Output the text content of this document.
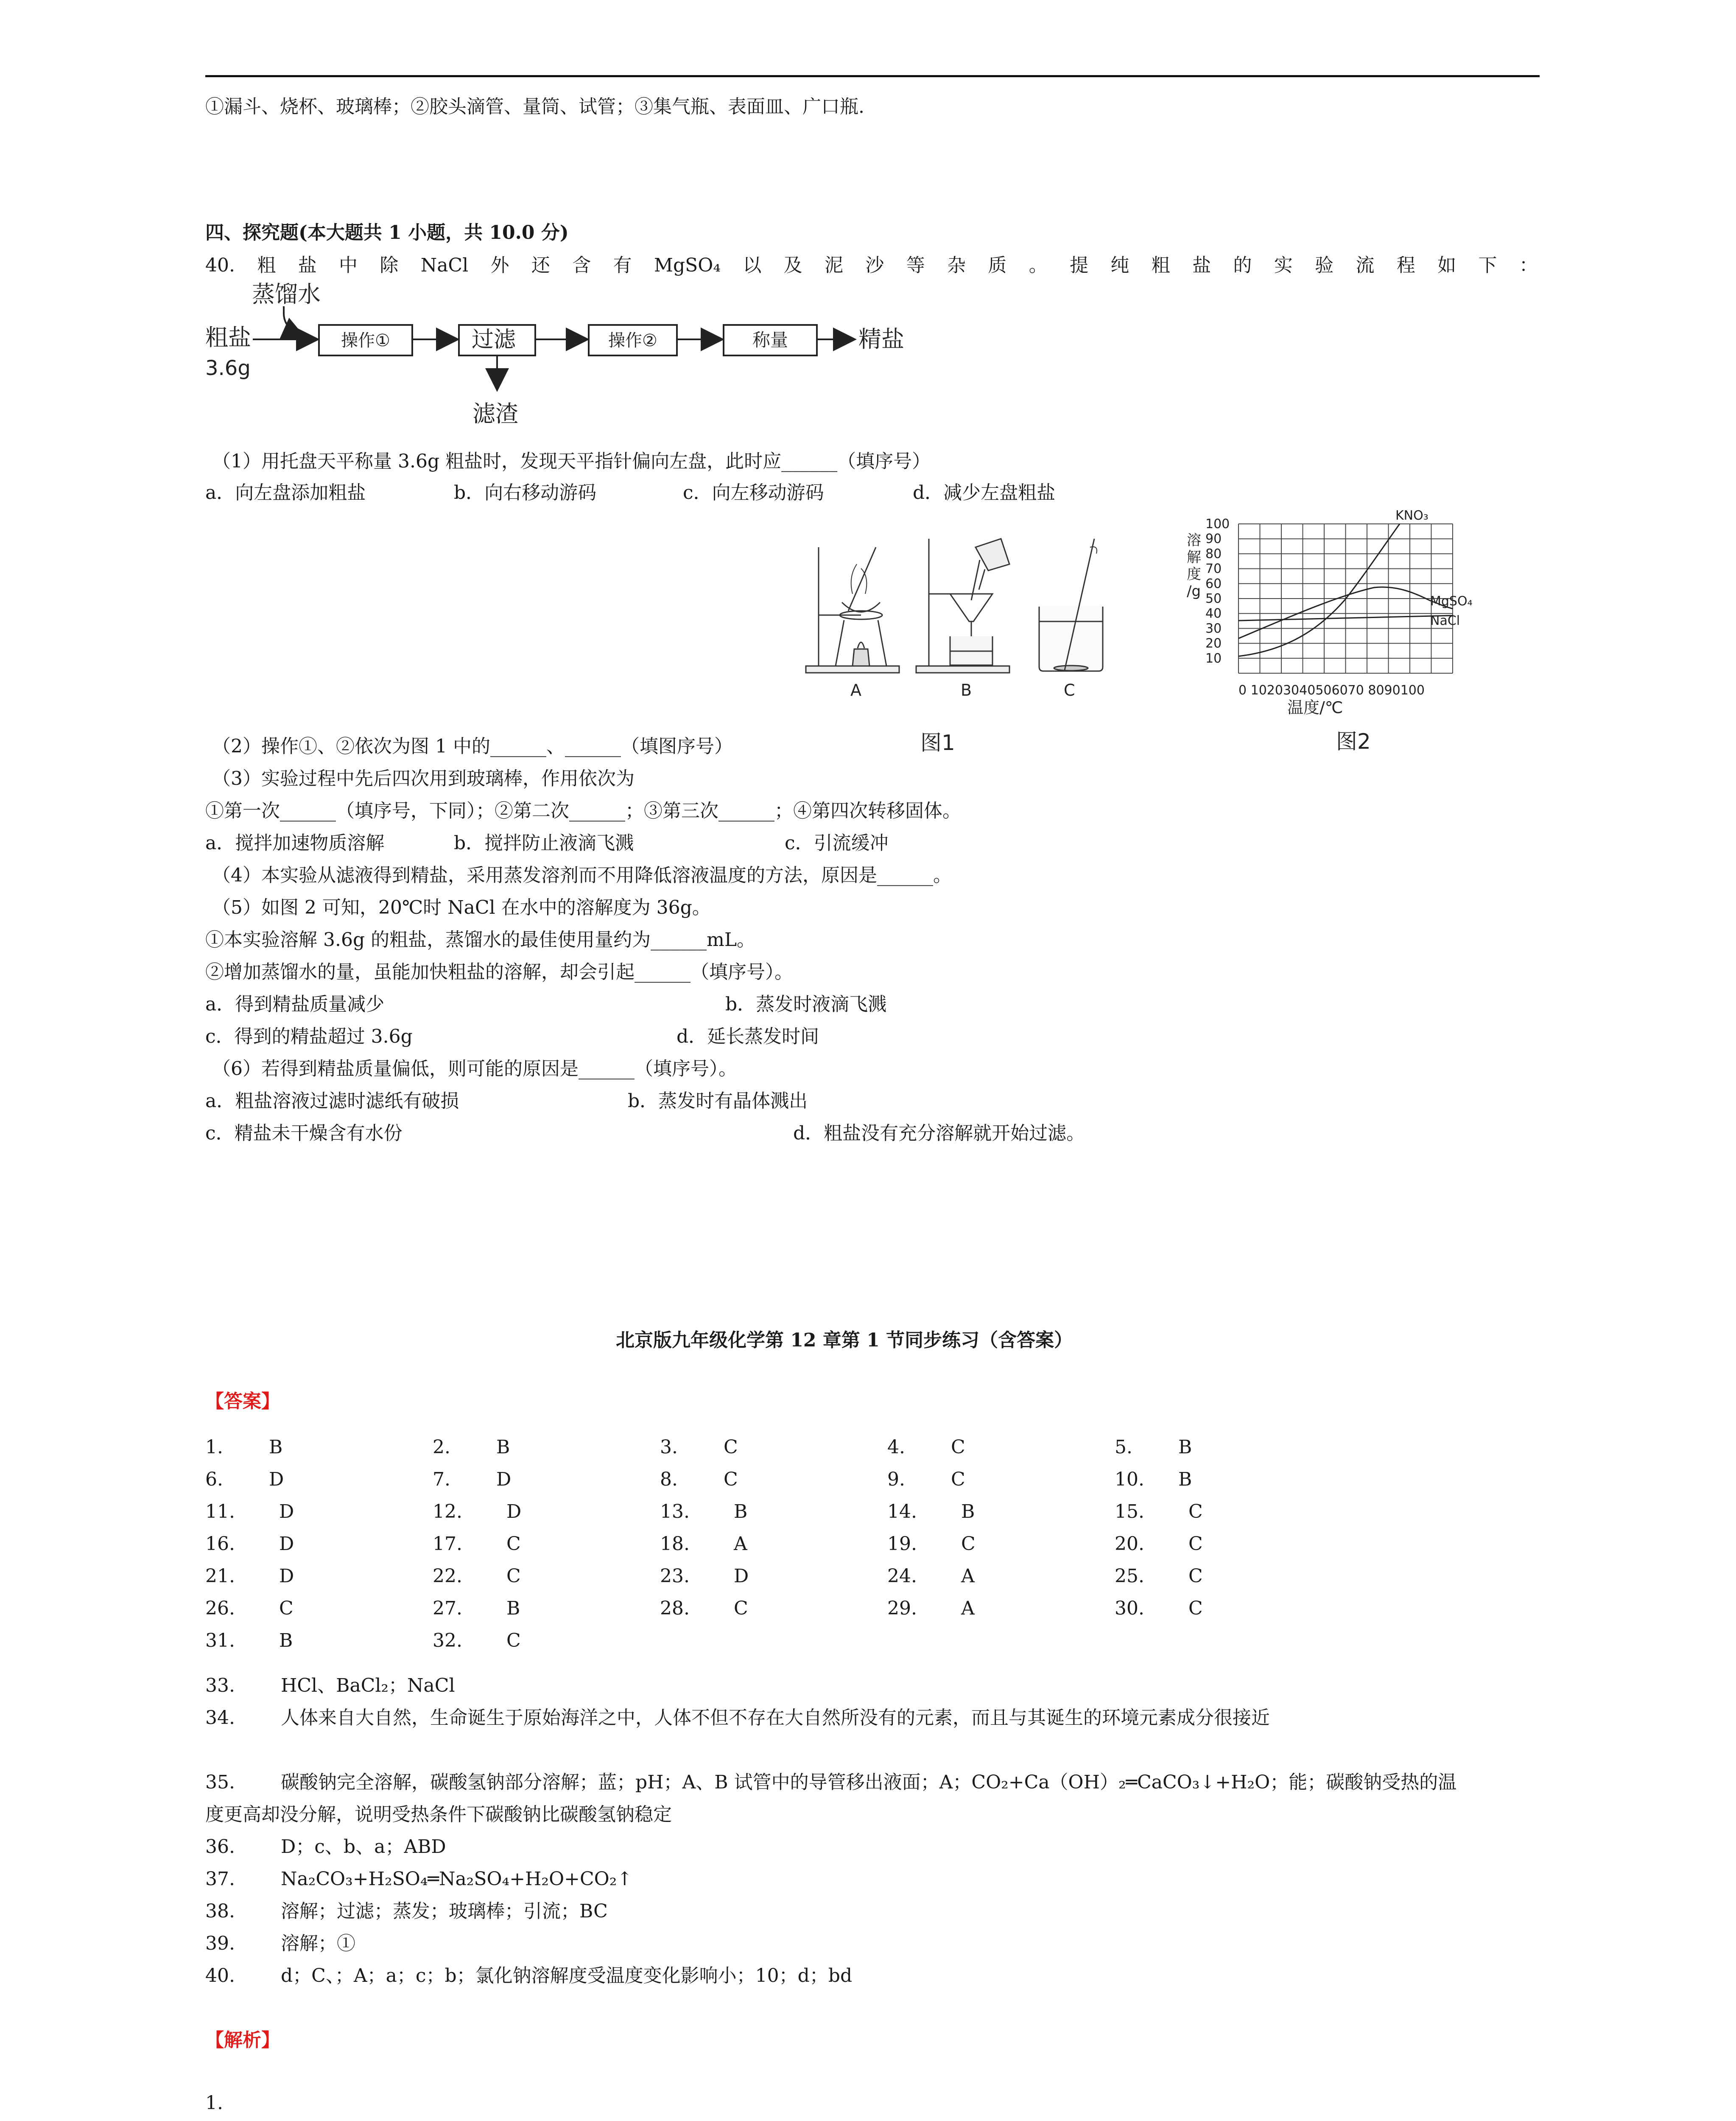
①漏斗、烧杯、玻璃棒；②胶头滴管、量筒、试管；③集气瓶、表面皿、广口瓶.
四、探究题(本大题共 1 小题，共 10.0 分)
40. 粗 盐 中 除 NaCl 外 还 含 有 MgSO₄ 以 及 泥 沙 等 杂 质 。 提 纯 粗 盐 的 实 验 流 程 如 下 ：
蒸馏水
粗盐
3.6g
操作①	过滤
滤渣
操作②	称量	精盐
（1）用托盘天平称量 3.6g 粗盐时，发现天平指针偏向左盘，此时应______（填序号）
a．向左盘添加粗盐	b．向右移动游码	c．向左移动游码	d．减少左盘粗盐
A	B	C
图1
溶
解
度
/g
100
90
80
70
60
50
40
30
20
10
0 10203040506070 8090100
KNO₃
MgSO₄
NaCl
温度/℃
图2
（2）操作①、②依次为图 1 中的______、______（填图序号）
（3）实验过程中先后四次用到玻璃棒，作用依次为
①第一次______（填序号，下同）；②第二次______；③第三次______；④第四次转移固体。
a．搅拌加速物质溶解	b．搅拌防止液滴飞溅	c．引流缓冲
（4）本实验从滤液得到精盐，采用蒸发溶剂而不用降低溶液温度的方法，原因是______。
（5）如图 2 可知，20℃时 NaCl 在水中的溶解度为 36g。
①本实验溶解 3.6g 的粗盐，蒸馏水的最佳使用量约为______mL。
②增加蒸馏水的量，虽能加快粗盐的溶解，却会引起______（填序号）。
a．得到精盐质量减少	b．蒸发时液滴飞溅
c．得到的精盐超过 3.6g	d．延长蒸发时间
（6）若得到精盐质量偏低，则可能的原因是______（填序号）。
a．粗盐溶液过滤时滤纸有破损	b．蒸发时有晶体溅出
c．精盐未干燥含有水份	d．粗盐没有充分溶解就开始过滤。
北京版九年级化学第 12 章第 1 节同步练习（含答案）
【答案】
1. B	2. B	3. C	4. C	5. B
6. D	7. D	8. C	9. C	10. B
11. D	12. D	13. B	14. B	15. C
16. D	17. C	18. A	19. C	20. C
21. D	22. C	23. D	24. A	25. C
26. C	27. B	28. C	29. A	30. C
31. B	32. C
33. HCl、BaCl₂；NaCl
34. 人体来自大自然，生命诞生于原始海洋之中，人体不但不存在大自然所没有的元素，而且与其诞生的环境元素成分很接近
35. 碳酸钠完全溶解，碳酸氢钠部分溶解；蓝；pH；A、B 试管中的导管移出液面；A；CO₂+Ca（OH）₂═CaCO₃↓+H₂O；能；碳酸钠受热的温
度更高却没分解，说明受热条件下碳酸钠比碳酸氢钠稳定
36. D；c、b、a；ABD
37. Na₂CO₃+H₂SO₄═Na₂SO₄+H₂O+CO₂↑
38. 溶解；过滤；蒸发；玻璃棒；引流；BC
39. 溶解；①
40. d；C、；A；a；c；b；氯化钠溶解度受温度变化影响小；10；d；bd
【解析】
1.
